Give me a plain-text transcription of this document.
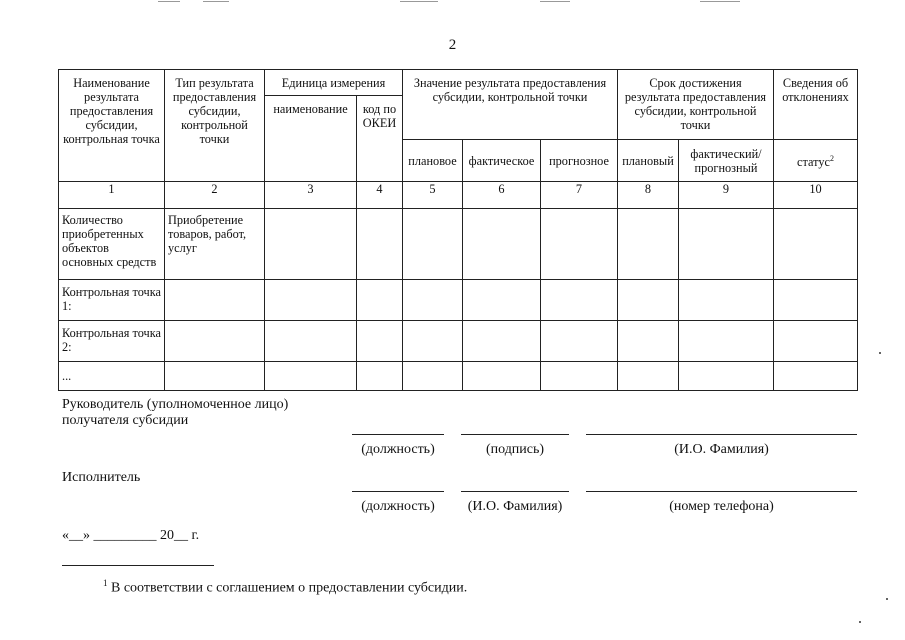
2
Наименование результата предоставления субсидии, контрольная точка	Тип результата предоставления субсидии, контрольной точки	Единица измерения		Значение результата предоставления субсидии, контрольной точки			Срок достижения результата предоставления субсидии, контрольной точки		Сведения об отклонениях
		наименование	код по ОКЕИ						
				плановое	фактическое	прогнозное	плановый	фактический/ прогнозный	статус$^2$
1	2	3	4	5	6	7	8	9	10
Количество приобретенных объектов основных средств	Приобретение товаров, работ, услуг								
Контрольная точка 1:									
Контрольная точка 2:									
...									
Руководитель (уполномоченное лицо)
получателя субсидии
(должность)	(подпись)	(И.О. Фамилия)
Исполнитель
(должность)	(И.О. Фамилия)	(номер телефона)
«__» _________ 20__ г.
$^1$ В соответствии с соглашением о предоставлении субсидии.
